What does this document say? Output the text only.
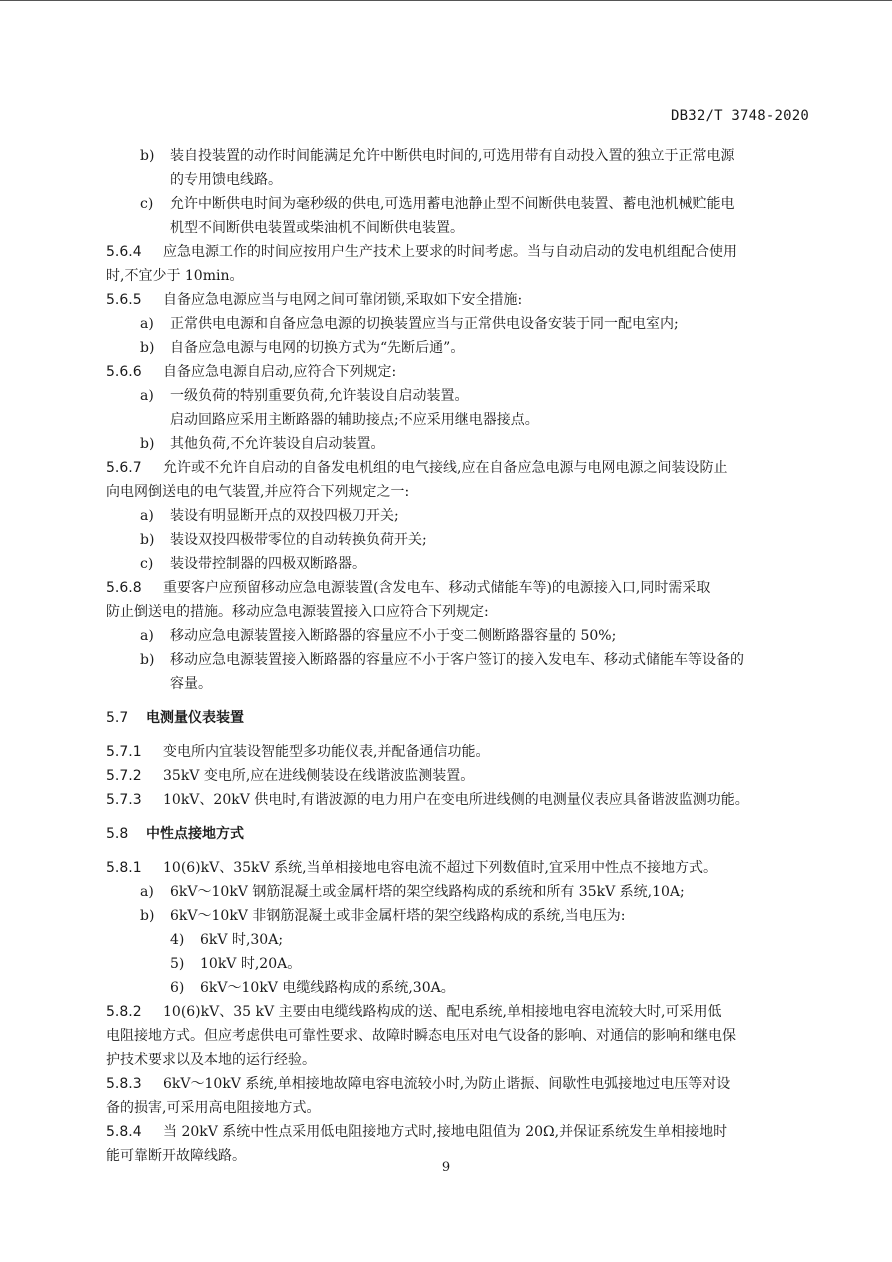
DB32/T 3748-2020
b) 装自投装置的动作时间能满足允许中断供电时间的,可选用带有自动投入置的独立于正常电源
的专用馈电线路。
c) 允许中断供电时间为毫秒级的供电,可选用蓄电池静止型不间断供电装置、蓄电池机械贮能电
机型不间断供电装置或柴油机不间断供电装置。
5.6.4 应急电源工作的时间应按用户生产技术上要求的时间考虑。当与自动启动的发电机组配合使用
时,不宜少于 10min。
5.6.5 自备应急电源应当与电网之间可靠闭锁,采取如下安全措施:
a) 正常供电电源和自备应急电源的切换装置应当与正常供电设备安装于同一配电室内;
b) 自备应急电源与电网的切换方式为“先断后通”。
5.6.6 自备应急电源自启动,应符合下列规定:
a) 一级负荷的特别重要负荷,允许装设自启动装置。
启动回路应采用主断路器的辅助接点;不应采用继电器接点。
b) 其他负荷,不允许装设自启动装置。
5.6.7 允许或不允许自启动的自备发电机组的电气接线,应在自备应急电源与电网电源之间装设防止
向电网倒送电的电气装置,并应符合下列规定之一:
a) 装设有明显断开点的双投四极刀开关;
b) 装设双投四极带零位的自动转换负荷开关;
c) 装设带控制器的四极双断路器。
5.6.8 重要客户应预留移动应急电源装置(含发电车、移动式储能车等)的电源接入口,同时需采取
防止倒送电的措施。移动应急电源装置接入口应符合下列规定:
a) 移动应急电源装置接入断路器的容量应不小于变二侧断路器容量的 50%;
b) 移动应急电源装置接入断路器的容量应不小于客户签订的接入发电车、移动式储能车等设备的
容量。
5.7 电测量仪表装置
5.7.1 变电所内宜装设智能型多功能仪表,并配备通信功能。
5.7.2 35kV 变电所,应在进线侧装设在线谐波监测装置。
5.7.3 10kV、20kV 供电时,有谐波源的电力用户在变电所进线侧的电测量仪表应具备谐波监测功能。
5.8 中性点接地方式
5.8.1 10(6)kV、35kV 系统,当单相接地电容电流不超过下列数值时,宜采用中性点不接地方式。
a) 6kV～10kV 钢筋混凝土或金属杆塔的架空线路构成的系统和所有 35kV 系统,10A;
b) 6kV～10kV 非钢筋混凝土或非金属杆塔的架空线路构成的系统,当电压为:
4) 6kV 时,30A;
5) 10kV 时,20A。
6) 6kV～10kV 电缆线路构成的系统,30A。
5.8.2 10(6)kV、35 kV 主要由电缆线路构成的送、配电系统,单相接地电容电流较大时,可采用低
电阻接地方式。但应考虑供电可靠性要求、故障时瞬态电压对电气设备的影响、对通信的影响和继电保
护技术要求以及本地的运行经验。
5.8.3 6kV～10kV 系统,单相接地故障电容电流较小时,为防止谐振、间歇性电弧接地过电压等对设
备的损害,可采用高电阻接地方式。
5.8.4 当 20kV 系统中性点采用低电阻接地方式时,接地电阻值为 20Ω,并保证系统发生单相接地时
能可靠断开故障线路。
9
